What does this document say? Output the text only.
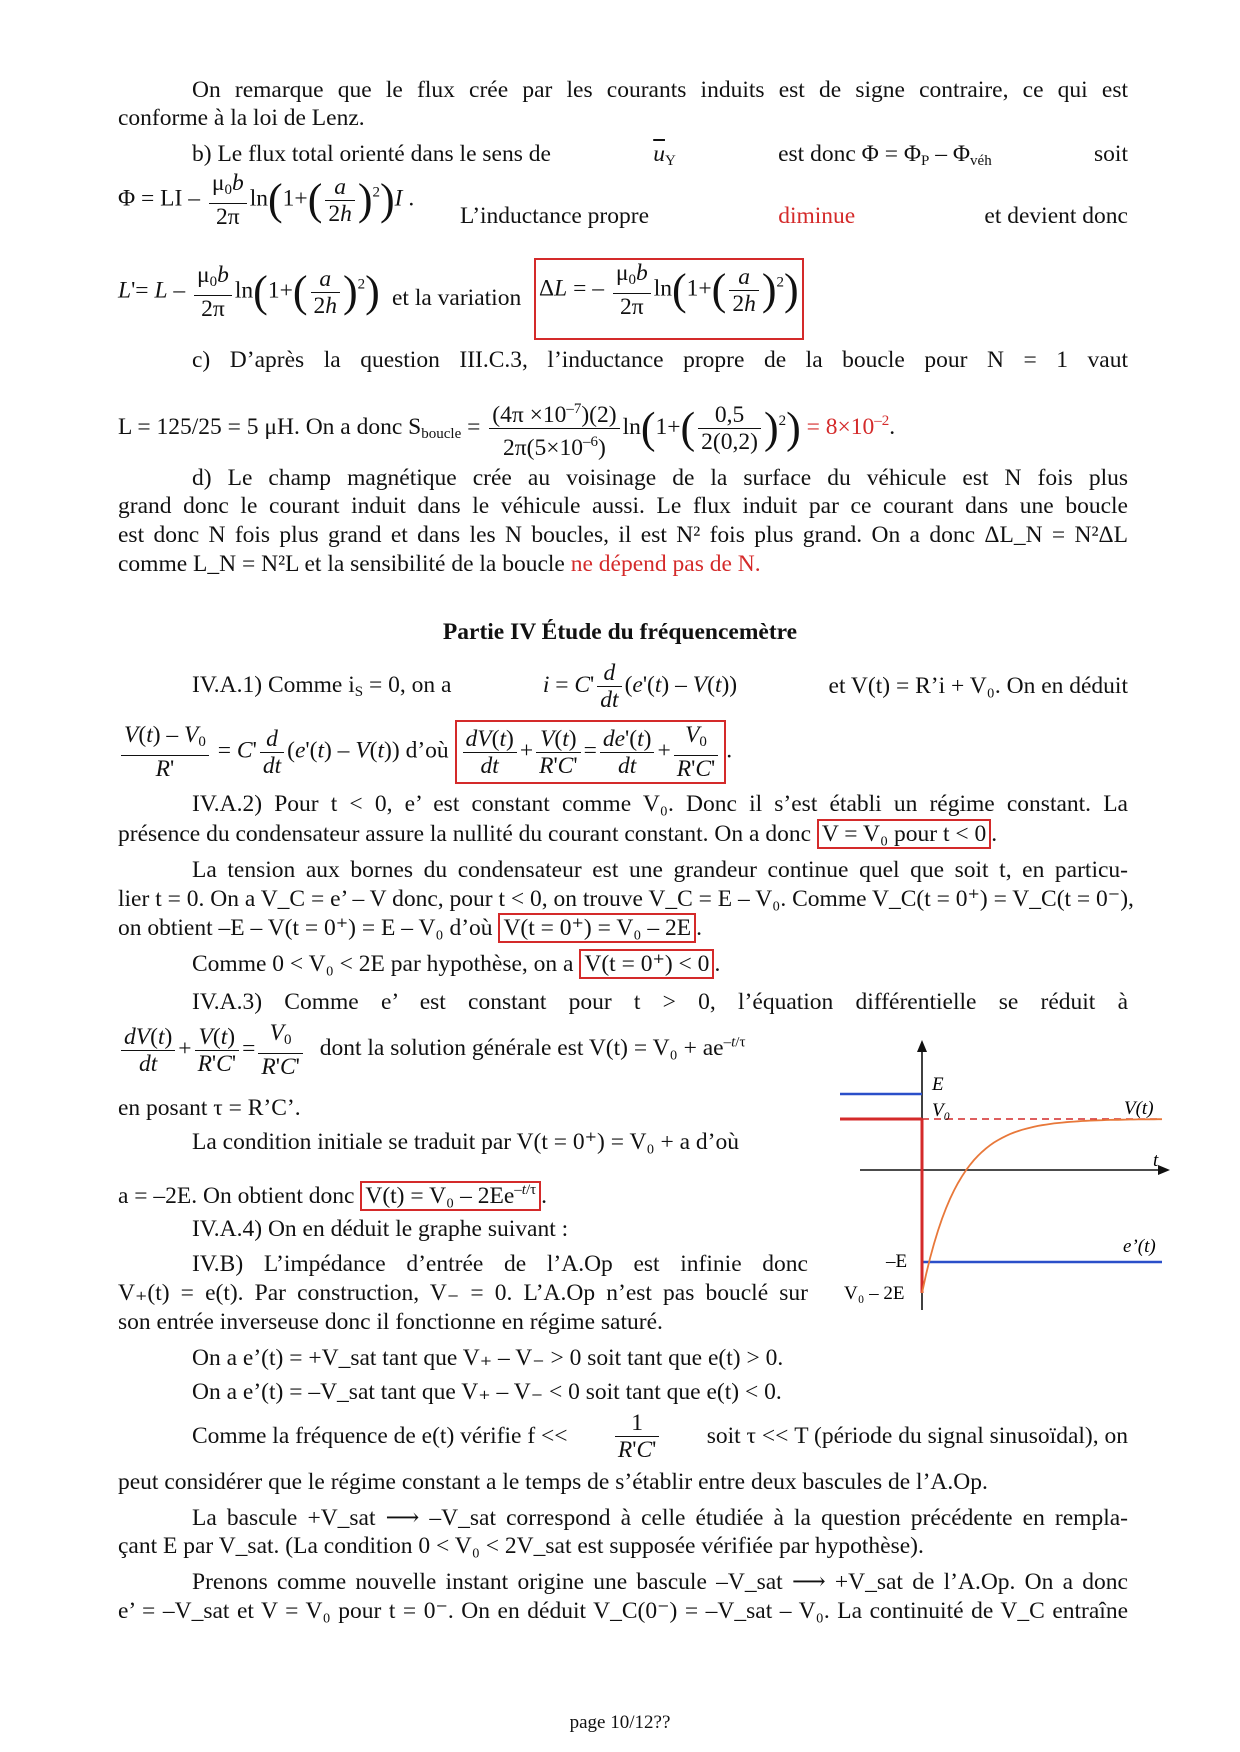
On remarque que le flux crée par les courants induits est de signe contraire, ce qui est
conforme à la loi de Lenz.
b) Le flux total orienté dans le sens de	$\overline{u}_Y$	est donc $\Phi = \Phi_P - \Phi_{véh}$	soit
Φ = LI – $\frac{\mu_0b}{2\pi} \ln(1+( \frac{a}{2h} )^2)I$ .
L’inductance propre	diminue	et devient donc
$L'= L - \frac{\mu_0b}{2\pi} \ln(1+( \frac{a}{2h} )^2)$ et la variation ΔL = – $\frac{\mu_0b}{2\pi} \ln(1+( \frac{a}{2h} )^2)$
c) D’après la question III.C.3, l’inductance propre de la boucle pour N = 1 vaut
L = 125/25 = 5 μH. On a donc $S_{boucle} = \frac{(4\pi \times 10^{-7})(2)}{2\pi(5\times 10^{-6})} \ln(1+( \frac{0,5}{2(0,2)} )^2) = 8\times 10^{-2}$.
d) Le champ magnétique crée au voisinage de la surface du véhicule est N fois plus
grand donc le courant induit dans le véhicule aussi. Le flux induit par ce courant dans une boucle
est donc N fois plus grand et dans les N boucles, il est N² fois plus grand. On a donc ΔL_N = N²ΔL
comme L_N = N²L et la sensibilité de la boucle ne dépend pas de N.
Partie IV Étude du fréquencemètre
IV.A.1) Comme $i_S = 0$, on a	$i = C' \frac{d}{dt} (e'(t) - V(t))$	et V(t) = R’i + V₀. On en déduit
$\frac{V(t) - V_0}{R'} = C' \frac{d}{dt} (e'(t) - V(t))$ d’où $\frac{dV(t)}{dt} + \frac{V(t)}{R'C'} = \frac{de'(t)}{dt} + \frac{V_0}{R'C'}$ .
IV.A.2) Pour t < 0, e’ est constant comme V₀. Donc il s’est établi un régime constant. La
présence du condensateur assure la nullité du courant constant. On a donc V = V₀ pour t < 0 .
La tension aux bornes du condensateur est une grandeur continue quel que soit t, en particu-
lier t = 0. On a V_C = e’ – V donc, pour t < 0, on trouve V_C = E – V₀. Comme V_C(t = 0⁺) = V_C(t = 0⁻),
on obtient –E – V(t = 0⁺) = E – V₀ d’où V(t = 0⁺) = V₀ – 2E .
Comme 0 < V₀ < 2E par hypothèse, on a V(t = 0⁺) < 0 .
IV.A.3) Comme e’ est constant pour t > 0, l’équation différentielle se réduit à
$\frac{dV(t)}{dt} + \frac{V(t)}{R'C'} = \frac{V_0}{R'C'}$ dont la solution générale est $V(t) = V_0 + ae^{-t/\tau}$
en posant τ = R’C’.
La condition initiale se traduit par V(t = 0⁺) = V₀ + a d’où
a = –2E. On obtient donc $V(t) = V_0 - 2Ee^{-t/\tau}$ .
IV.A.4) On en déduit le graphe suivant :
IV.B) L’impédance d’entrée de l’A.Op est infinie donc
V₊(t) = e(t). Par construction, V₋ = 0. L’A.Op n’est pas bouclé sur
son entrée inverseuse donc il fonctionne en régime saturé.
On a e’(t) = +V_sat tant que V₊ – V₋ > 0 soit tant que e(t) > 0.
On a e’(t) = –V_sat tant que V₊ – V₋ < 0 soit tant que e(t) < 0.
Comme la fréquence de e(t) vérifie $f << \frac{1}{R'C'}$ soit τ << T (période du signal sinusoïdal), on
peut considérer que le régime constant a le temps de s’établir entre deux bascules de l’A.Op.
La bascule +V_sat ⟶ –V_sat correspond à celle étudiée à la question précédente en rempla-
çant E par V_sat. (La condition 0 < V₀ < 2V_sat est supposée vérifiée par hypothèse).
Prenons comme nouvelle instant origine une bascule –V_sat ⟶ +V_sat de l’A.Op. On a donc
e’ = –V_sat et V = V₀ pour t = 0⁻. On en déduit V_C(0⁻) = –V_sat – V₀. La continuité de V_C entraîne
E
V₀	V(t)
t
–E
e’(t)
V₀ – 2E
page 10/12??
